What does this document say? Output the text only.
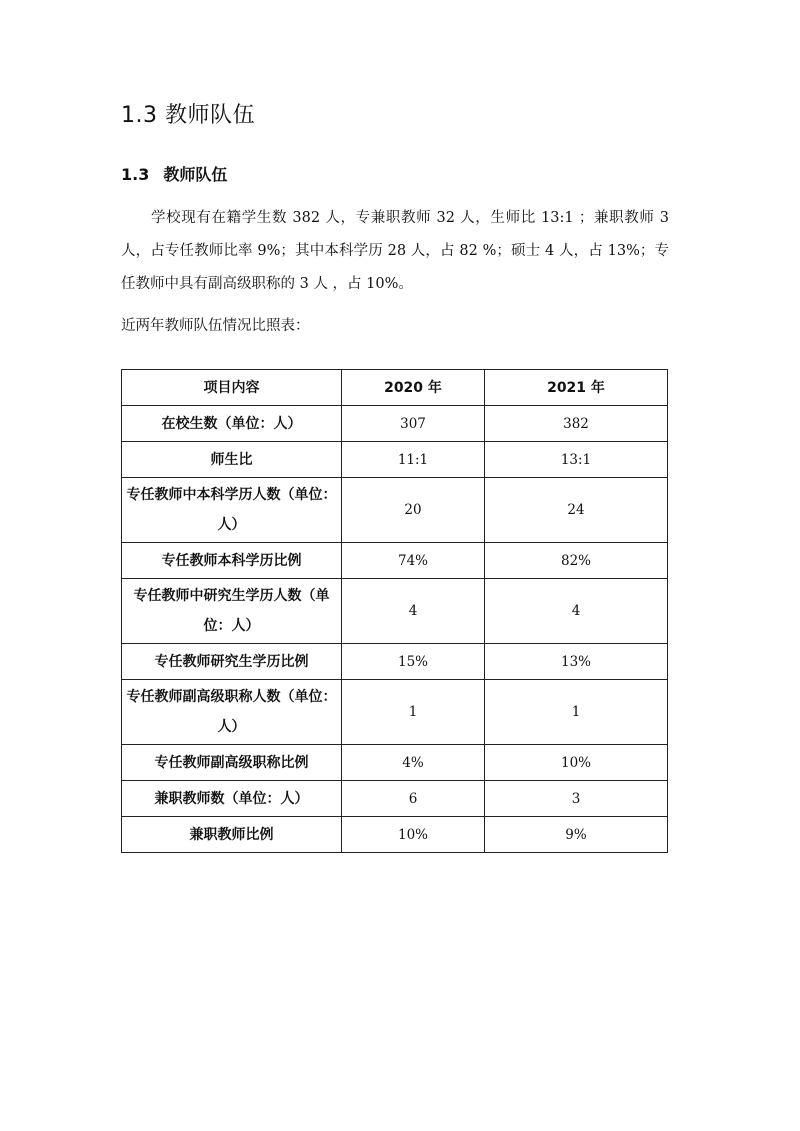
1.3 教师队伍
1.3 教师队伍
学校现有在籍学生数 382 人，专兼职教师 32 人，生师比 13:1 ；兼职教师 3 人，占专任教师比率 9%；其中本科学历 28 人，占 82 %；硕士 4 人，占 13%；专任教师中具有副高级职称的 3 人 ，占 10%。
近两年教师队伍情况比照表：
项目内容	2020 年	2021 年
在校生数（单位：人）	307	382
师生比	11:1	13:1
专任教师中本科学历人数（单位：人）	20	24
专任教师本科学历比例	74%	82%
专任教师中研究生学历人数（单位：人）	4	4
专任教师研究生学历比例	15%	13%
专任教师副高级职称人数（单位：人）	1	1
专任教师副高级职称比例	4%	10%
兼职教师数（单位：人）	6	3
兼职教师比例	10%	9%
